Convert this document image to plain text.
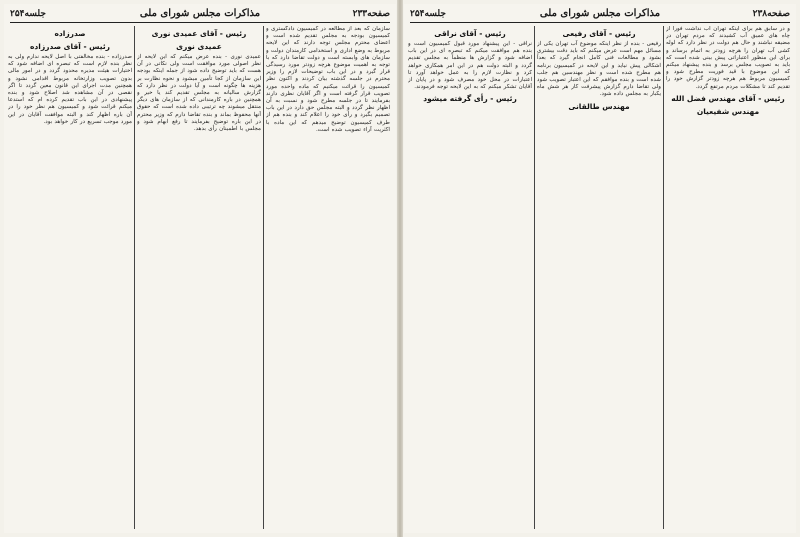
صفحه۲۳۳
مذاکرات مجلس شورای ملی
جلسه۲۵۴
سازمان که بعد از مطالعه در کمیسیون دادگستری و کمیسیون بودجه به مجلس تقدیم شده است و اعضای محترم مجلس توجه دارند که این لایحه مربوط به وضع اداری و استخدامی کارمندان دولت و سازمان های وابسته است و دولت تقاضا دارد که با توجه به اهمیت موضوع هرچه زودتر مورد رسیدگی قرار گیرد و در این باب توضیحات لازم را وزیر محترم در جلسه گذشته بیان کردند و اکنون نظر کمیسیون را قرائت میکنیم که ماده واحده مورد تصویب قرار گرفته است و اگر آقایان نظری دارند بفرمایند تا در جلسه مطرح شود و نسبت به آن اظهار نظر گردد و البته مجلس حق دارد در این باب تصمیم بگیرد و رأی خود را اعلام کند و بنده هم از طرف کمیسیون توضیح میدهم که این ماده با اکثریت آراء تصویب شده است.
رئیس - آقای عمیدی نوری
عمیدی نوری
عمیدی نوری - بنده عرض میکنم که این لایحه از نظر اصولی مورد موافقت است ولی نکاتی در آن هست که باید توضیح داده شود از جمله اینکه بودجه این سازمان از کجا تأمین میشود و نحوه نظارت بر هزینه ها چگونه است و آیا دولت در نظر دارد که گزارش سالیانه به مجلس تقدیم کند یا خیر و همچنین در باره کارمندانی که از سازمان های دیگر منتقل میشوند چه ترتیبی داده شده است که حقوق آنها محفوظ بماند و بنده تقاضا دارم که وزیر محترم در این باره توضیح بفرمایند تا رفع ابهام شود و مجلس با اطمینان رأی بدهد.
صدرزاده
رئیس - آقای صدرزاده
صدرزاده - بنده مخالفتی با اصل لایحه ندارم ولی به نظر بنده لازم است که تبصره ای اضافه شود که اختیارات هیئت مدیره محدود گردد و در امور مالی بدون تصویب وزارتخانه مربوط اقدامی نشود و همچنین مدت اجرای این قانون معین گردد تا اگر نقصی در آن مشاهده شد اصلاح شود و بنده پیشنهادی در این باب تقدیم کرده ام که استدعا میکنم قرائت شود و کمیسیون هم نظر خود را در آن باره اظهار کند و البته موافقت آقایان در این مورد موجب تسریع در کار خواهد بود.
صفحه۲۳۸
مذاکرات مجلس شورای ملی
جلسه۲۵۴
و در سابق هم برای اینکه تهران آب نداشت فوراً از چاه های عمیق آب کشیدند که مردم تهران در مضیقه نباشند و حال هم دولت در نظر دارد که لوله کشی آب تهران را هرچه زودتر به اتمام برساند و برای این منظور اعتباراتی پیش بینی شده است که باید به تصویب مجلس برسد و بنده پیشنهاد میکنم که این موضوع با قید فوریت مطرح شود و کمیسیون مربوط هم هرچه زودتر گزارش خود را تقدیم کند تا مشکلات مردم مرتفع گردد.
رئیس - آقای مهندس فضل الله
مهندس شفیعیان
رئیس - آقای رفیعی
رفیعی - بنده از نظر اینکه موضوع آب تهران یکی از مسائل مهم است عرض میکنم که باید دقت بیشتری بشود و مطالعات فنی کامل انجام گیرد که بعداً اشکالی پیش نیاید و این لایحه در کمیسیون برنامه هم مطرح شده است و نظر مهندسین هم جلب شده است و بنده موافقم که این اعتبار تصویب شود ولی تقاضا دارم گزارش پیشرفت کار هر شش ماه یکبار به مجلس داده شود.
مهندس طالقانی
رئیس - آقای نراقی
نراقی - این پیشنهاد مورد قبول کمیسیون است و بنده هم موافقت میکنم که تبصره ای در این باب اضافه شود و گزارش ها منظماً به مجلس تقدیم گردد و البته دولت هم در این امر همکاری خواهد کرد و نظارت لازم را به عمل خواهد آورد تا اعتبارات در محل خود مصرف شود و در پایان از آقایان تشکر میکنم که به این لایحه توجه فرمودند.
رئیس - رأی گرفته میشود
